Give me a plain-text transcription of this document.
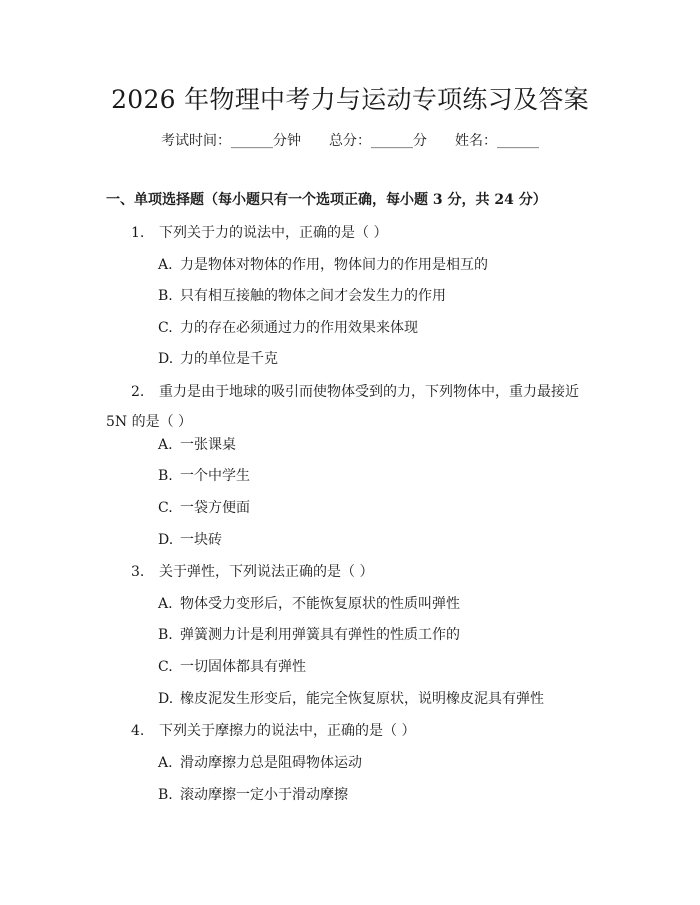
2026 年物理中考力与运动专项练习及答案
考试时间：______分钟 总分：______分 姓名：______
一、单项选择题（每小题只有一个选项正确，每小题 3 分，共 24 分）
1. 下列关于力的说法中，正确的是（ ）
A. 力是物体对物体的作用，物体间力的作用是相互的
B. 只有相互接触的物体之间才会发生力的作用
C. 力的存在必须通过力的作用效果来体现
D. 力的单位是千克
2. 重力是由于地球的吸引而使物体受到的力，下列物体中，重力最接近 5N 的是（ ）
A. 一张课桌
B. 一个中学生
C. 一袋方便面
D. 一块砖
3. 关于弹性，下列说法正确的是（ ）
A. 物体受力变形后，不能恢复原状的性质叫弹性
B. 弹簧测力计是利用弹簧具有弹性的性质工作的
C. 一切固体都具有弹性
D. 橡皮泥发生形变后，能完全恢复原状，说明橡皮泥具有弹性
4. 下列关于摩擦力的说法中，正确的是（ ）
A. 滑动摩擦力总是阻碍物体运动
B. 滚动摩擦一定小于滑动摩擦
